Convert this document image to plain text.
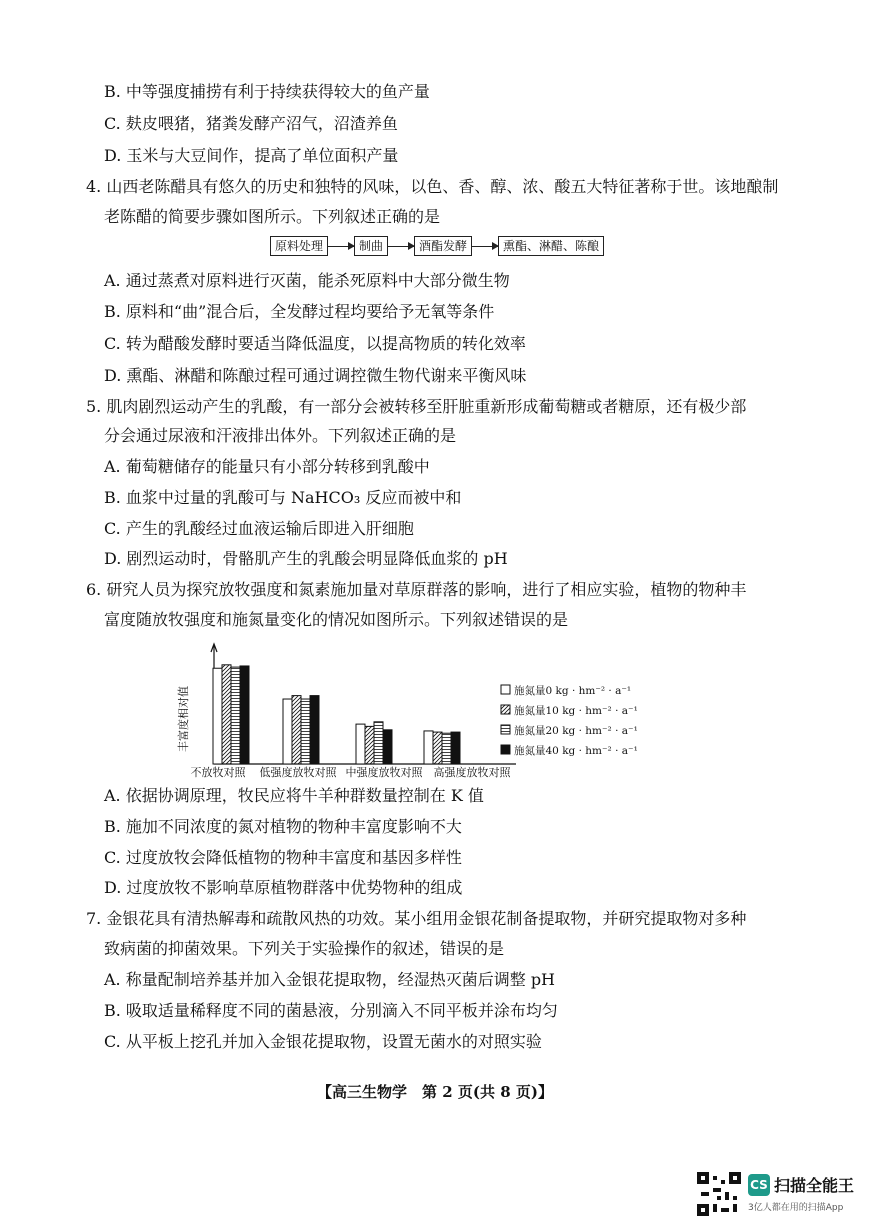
B. 中等强度捕捞有利于持续获得较大的鱼产量
C. 麸皮喂猪，猪粪发酵产沼气，沼渣养鱼
D. 玉米与大豆间作，提高了单位面积产量
4. 山西老陈醋具有悠久的历史和独特的风味，以色、香、醇、浓、酸五大特征著称于世。该地酿制
老陈醋的简要步骤如图所示。下列叙述正确的是
原料处理	制曲	酒酯发酵	熏酯、淋醋、陈酿
A. 通过蒸煮对原料进行灭菌，能杀死原料中大部分微生物
B. 原料和“曲”混合后，全发酵过程均要给予无氧等条件
C. 转为醋酸发酵时要适当降低温度，以提高物质的转化效率
D. 熏酯、淋醋和陈酿过程可通过调控微生物代谢来平衡风味
5. 肌肉剧烈运动产生的乳酸，有一部分会被转移至肝脏重新形成葡萄糖或者糖原，还有极少部
分会通过尿液和汗液排出体外。下列叙述正确的是
A. 葡萄糖储存的能量只有小部分转移到乳酸中
B. 血浆中过量的乳酸可与 NaHCO₃ 反应而被中和
C. 产生的乳酸经过血液运输后即进入肝细胞
D. 剧烈运动时，骨骼肌产生的乳酸会明显降低血浆的 pH
6. 研究人员为探究放牧强度和氮素施加量对草原群落的影响，进行了相应实验，植物的物种丰
富度随放牧强度和施氮量变化的情况如图所示。下列叙述错误的是
不放牧对照 低强度放牧对照 中强度放牧对照 高强度放牧对照
施氮量0 kg · hm⁻² · a⁻¹
施氮量10 kg · hm⁻² · a⁻¹
施氮量20 kg · hm⁻² · a⁻¹
施氮量40 kg · hm⁻² · a⁻¹
丰富度相对值
A. 依据协调原理，牧民应将牛羊种群数量控制在 K 值
B. 施加不同浓度的氮对植物的物种丰富度影响不大
C. 过度放牧会降低植物的物种丰富度和基因多样性
D. 过度放牧不影响草原植物群落中优势物种的组成
7. 金银花具有清热解毒和疏散风热的功效。某小组用金银花制备提取物，并研究提取物对多种
致病菌的抑菌效果。下列关于实验操作的叙述，错误的是
A. 称量配制培养基并加入金银花提取物，经湿热灭菌后调整 pH
B. 吸取适量稀释度不同的菌悬液，分别滴入不同平板并涂布均匀
C. 从平板上挖孔并加入金银花提取物，设置无菌水的对照实验
【高三生物学　第 2 页(共 8 页)】
CS 扫描全能王
3亿人都在用的扫描App
